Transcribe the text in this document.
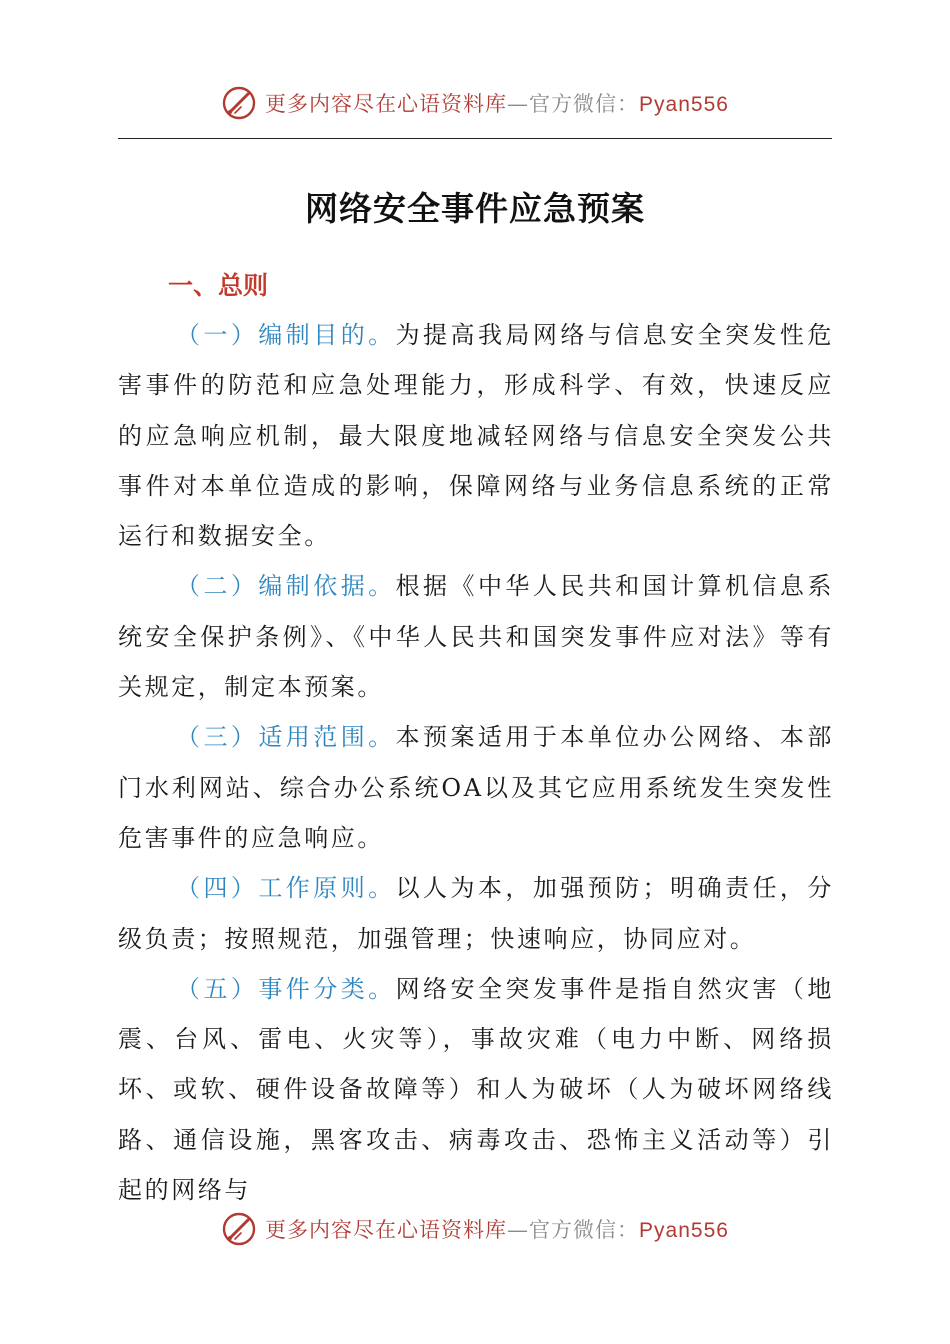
更多内容尽在心语资料库—官方微信：Pyan556
网络安全事件应急预案
一、总则

（一）编制目的。为提高我局网络与信息安全突发性危害事件的防范和应急处理能力，形成科学、有效，快速反应的应急响应机制，最大限度地减轻网络与信息安全突发公共事件对本单位造成的影响，保障网络与业务信息系统的正常运行和数据安全。

（二）编制依据。根据《中华人民共和国计算机信息系统安全保护条例》、《中华人民共和国突发事件应对法》等有关规定，制定本预案。

（三）适用范围。本预案适用于本单位办公网络、本部门水利网站、综合办公系统OA以及其它应用系统发生突发性危害事件的应急响应。

（四）工作原则。以人为本，加强预防；明确责任，分级负责；按照规范，加强管理；快速响应，协同应对。

（五）事件分类。网络安全突发事件是指自然灾害（地震、台风、雷电、火灾等），事故灾难（电力中断、网络损坏、或软、硬件设备故障等）和人为破坏（人为破坏网络线路、通信设施，黑客攻击、病毒攻击、恐怖主义活动等）引起的网络与

更多内容尽在心语资料库—官方微信：Pyan556
